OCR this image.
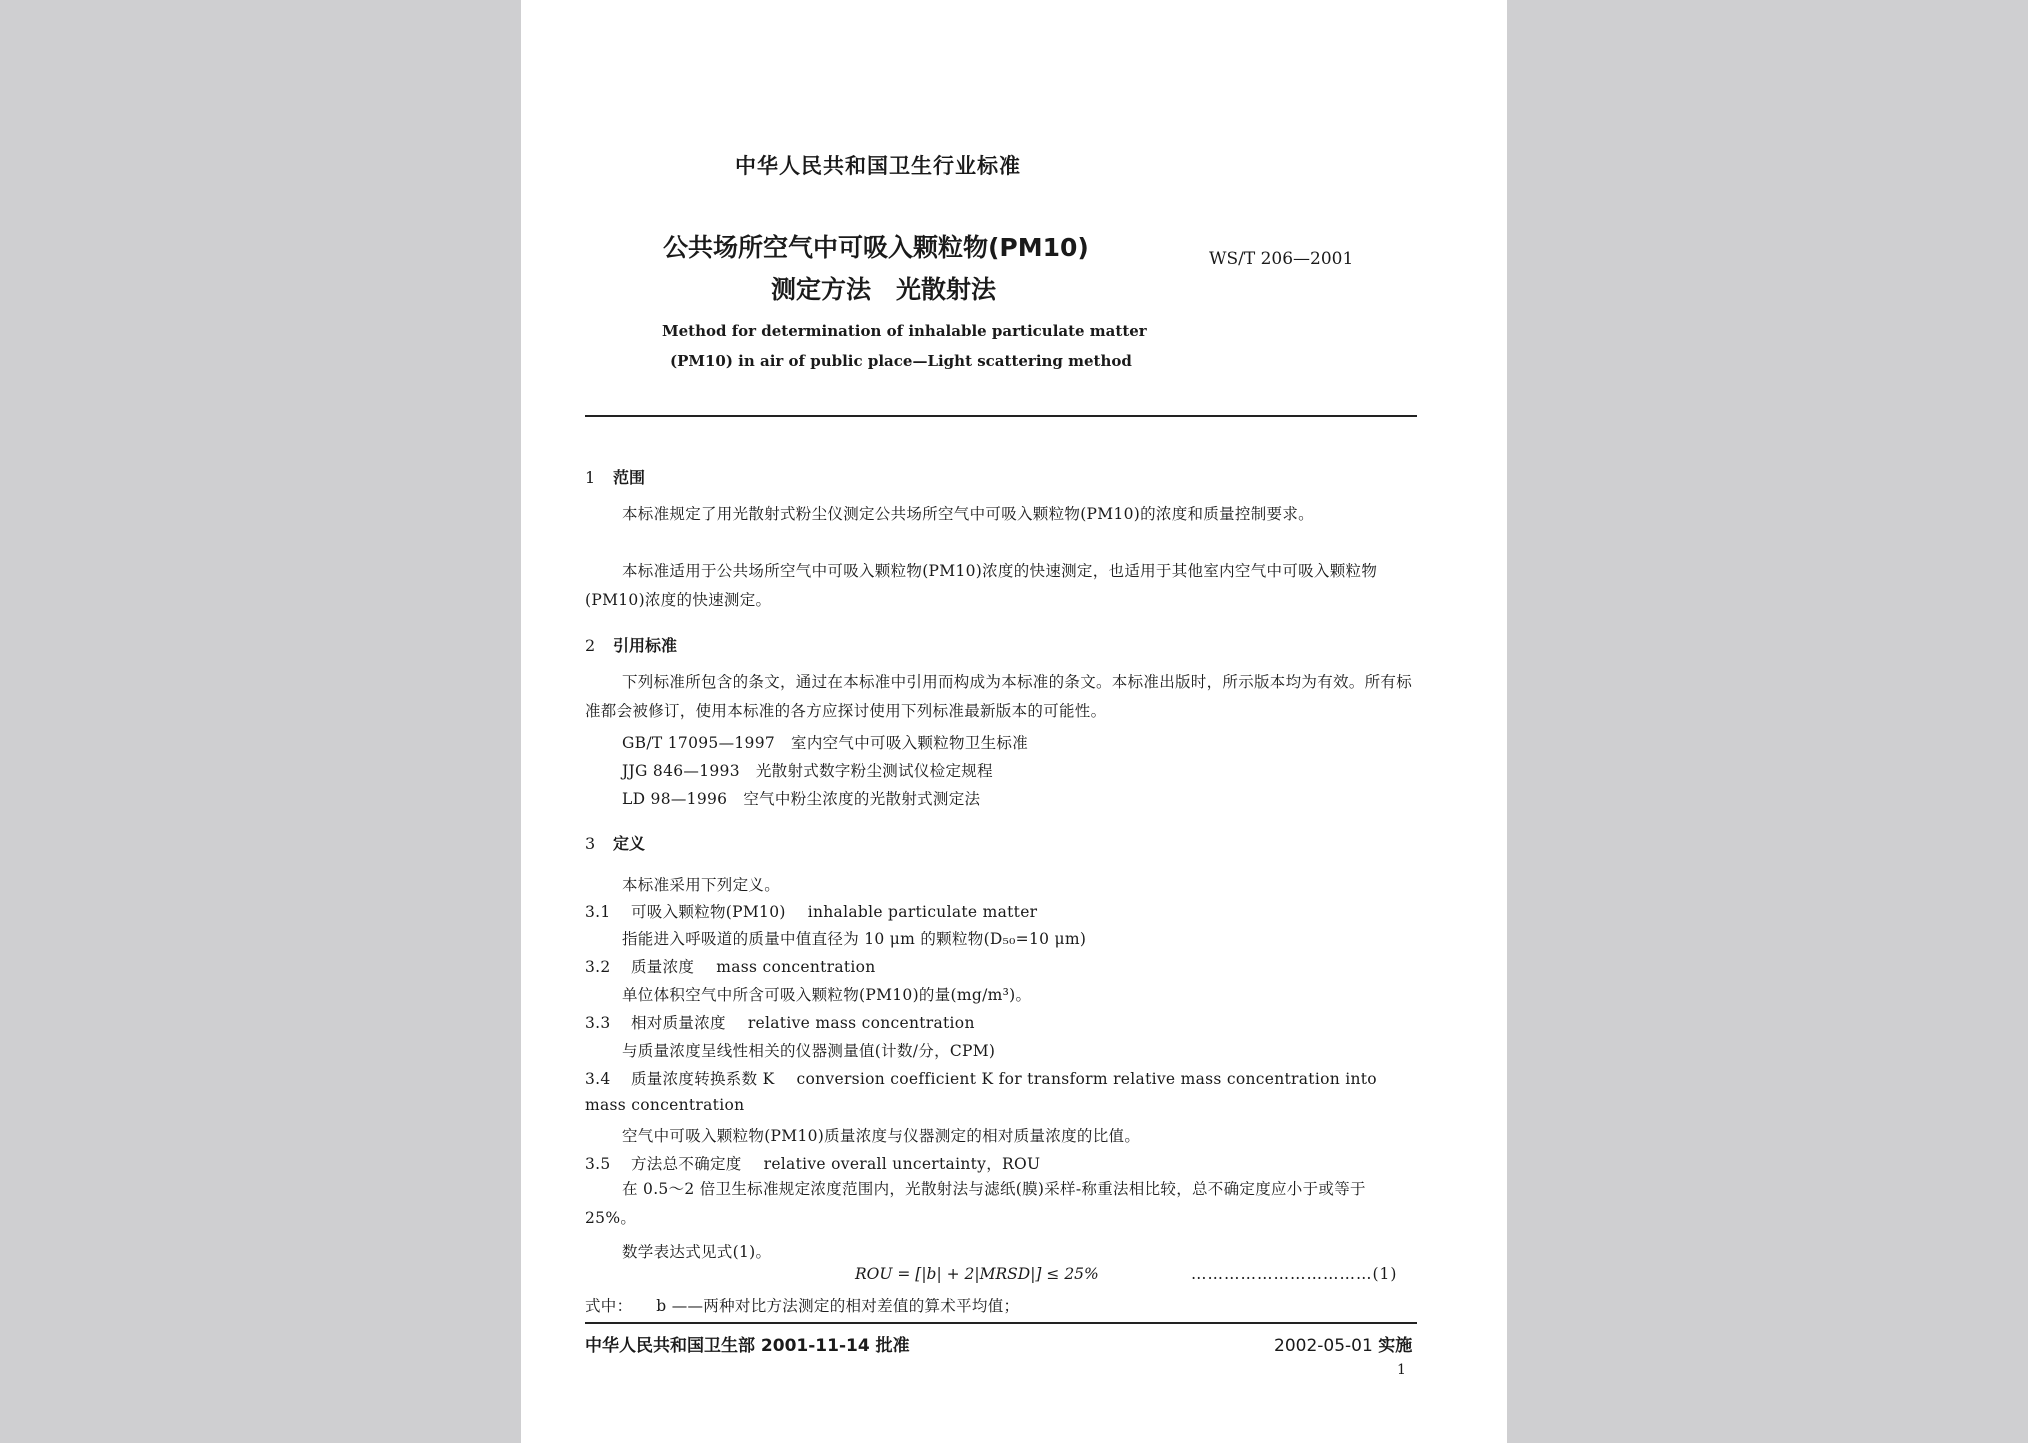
中华人民共和国卫生行业标准
公共场所空气中可吸入颗粒物(PM10)
测定方法　光散射法
WS/T 206—2001
Method for determination of inhalable particulate matter
(PM10) in air of public place—Light scattering method
1 范围
本标准规定了用光散射式粉尘仪测定公共场所空气中可吸入颗粒物(PM10)的浓度和质量控制要求。
本标准适用于公共场所空气中可吸入颗粒物(PM10)浓度的快速测定，也适用于其他室内空气中可吸入颗粒物(PM10)浓度的快速测定。
2 引用标准
下列标准所包含的条文，通过在本标准中引用而构成为本标准的条文。本标准出版时，所示版本均为有效。所有标准都会被修订，使用本标准的各方应探讨使用下列标准最新版本的可能性。
GB/T 17095—1997 室内空气中可吸入颗粒物卫生标准
JJG 846—1993 光散射式数字粉尘测试仪检定规程
LD 98—1996 空气中粉尘浓度的光散射式测定法
3 定义
本标准采用下列定义。
3.1 可吸入颗粒物(PM10) inhalable particulate matter
指能进入呼吸道的质量中值直径为 10 μm 的颗粒物(D₅₀=10 μm)
3.2 质量浓度 mass concentration
单位体积空气中所含可吸入颗粒物(PM10)的量(mg/m³)。
3.3 相对质量浓度 relative mass concentration
与质量浓度呈线性相关的仪器测量值(计数/分，CPM)
3.4 质量浓度转换系数 K conversion coefficient K for transform relative mass concentration into
mass concentration
空气中可吸入颗粒物(PM10)质量浓度与仪器测定的相对质量浓度的比值。
3.5 方法总不确定度 relative overall uncertainty，ROU
在 0.5～2 倍卫生标准规定浓度范围内，光散射法与滤纸(膜)采样-称重法相比较，总不确定度应小于或等于 25%。
数学表达式见式(1)。
ROU = [|b| + 2|MRSD|] ≤ 25%	……………………………(1)
式中：　　b ——两种对比方法测定的相对差值的算术平均值；
中华人民共和国卫生部 2001-11-14 批准	2002-05-01 实施
1
